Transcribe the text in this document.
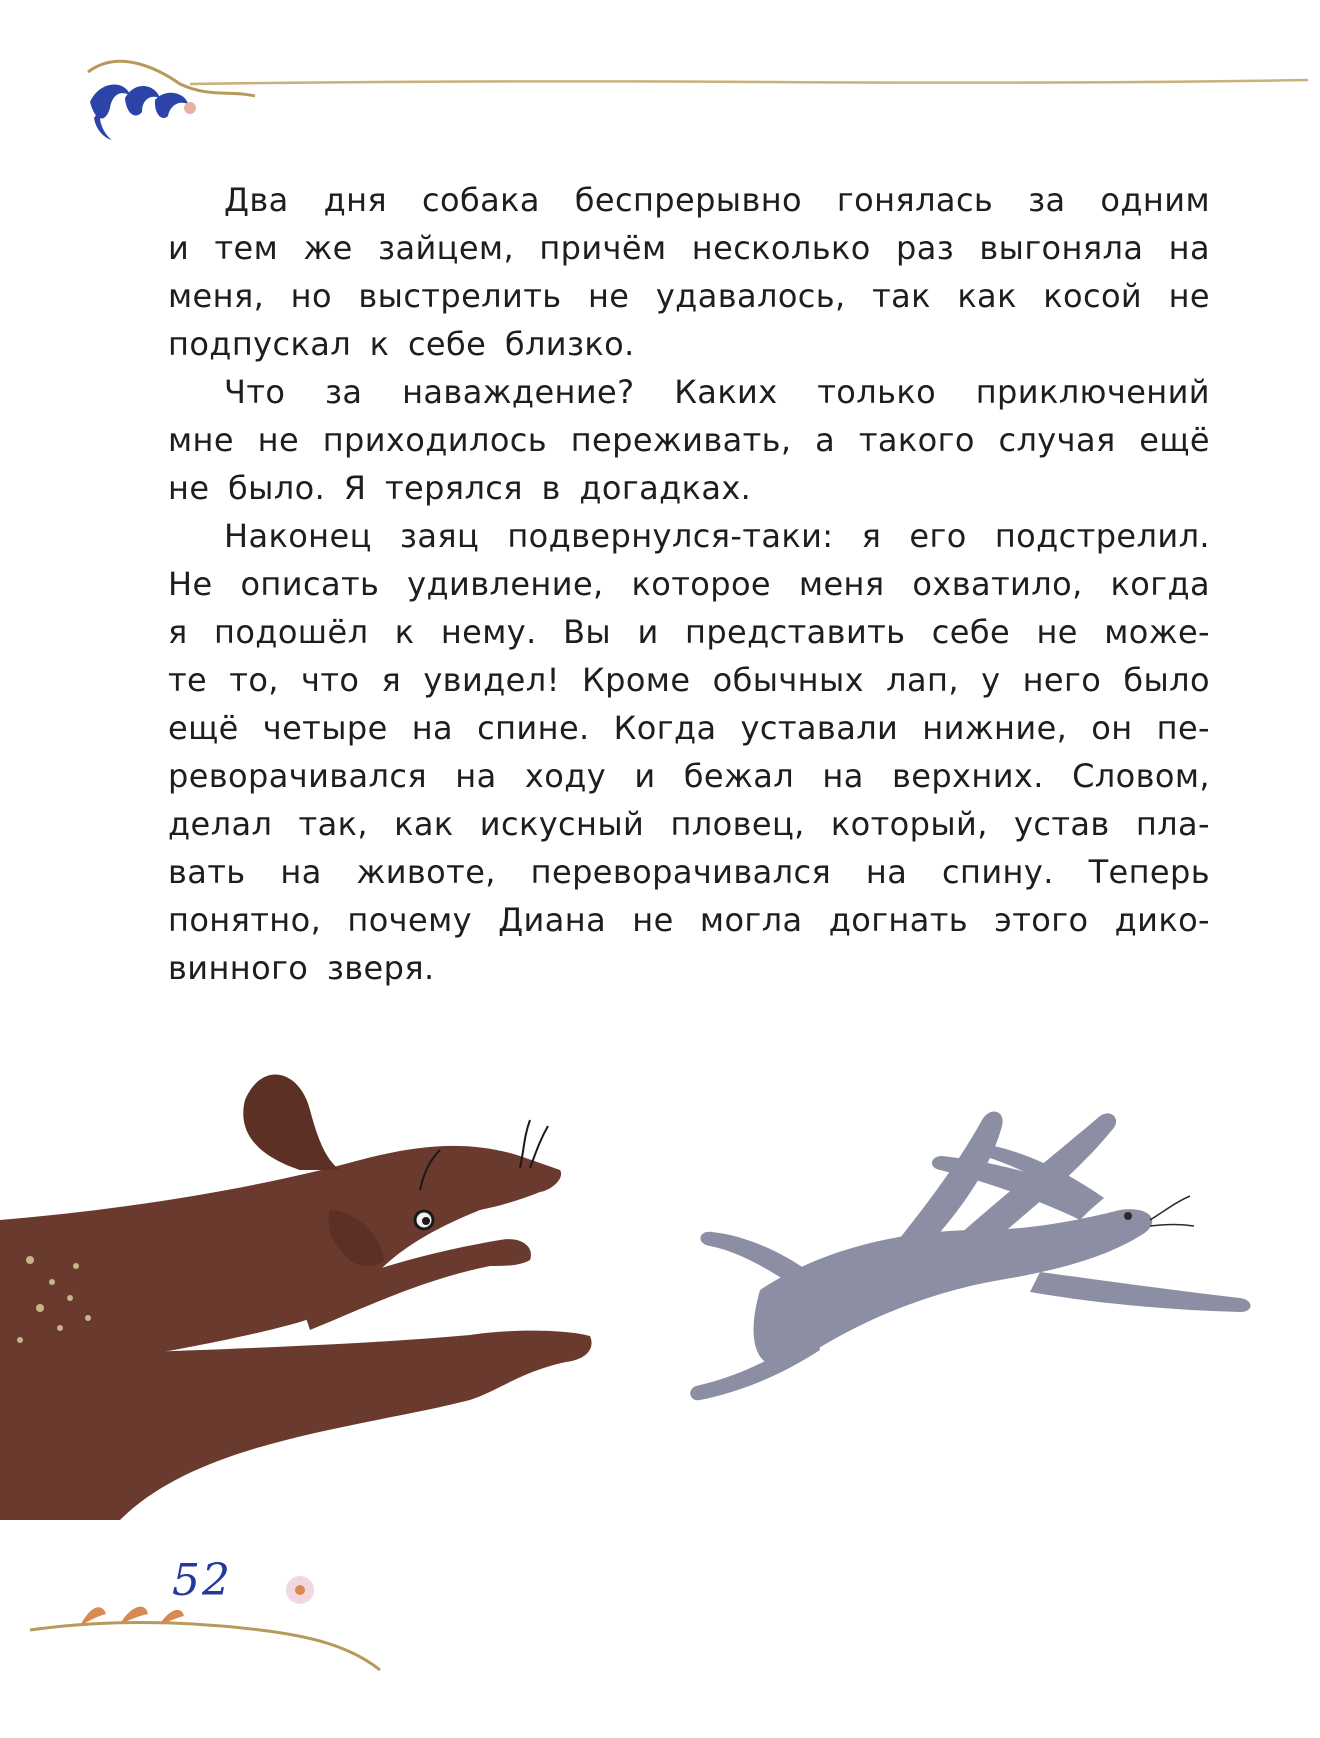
Два дня собака беспрерывно гонялась за одним
и тем же зайцем, причём несколько раз выгоняла на
меня, но выстрелить не удавалось, так как косой не
подпускал к себе близко.
Что за наваждение? Каких только приключений
мне не приходилось переживать, а такого случая ещё
не было. Я терялся в догадках.
Наконец заяц подвернулся-таки: я его подстрелил.
Не описать удивление, которое меня охватило, когда
я подошёл к нему. Вы и представить себе не може-
те то, что я увидел! Кроме обычных лап, у него было
ещё четыре на спине. Когда уставали нижние, он пе-
реворачивался на ходу и бежал на верхних. Словом,
делал так, как искусный пловец, который, устав пла-
вать на животе, переворачивался на спину. Теперь
понятно, почему Диана не могла догнать этого дико-
винного зверя.
52
